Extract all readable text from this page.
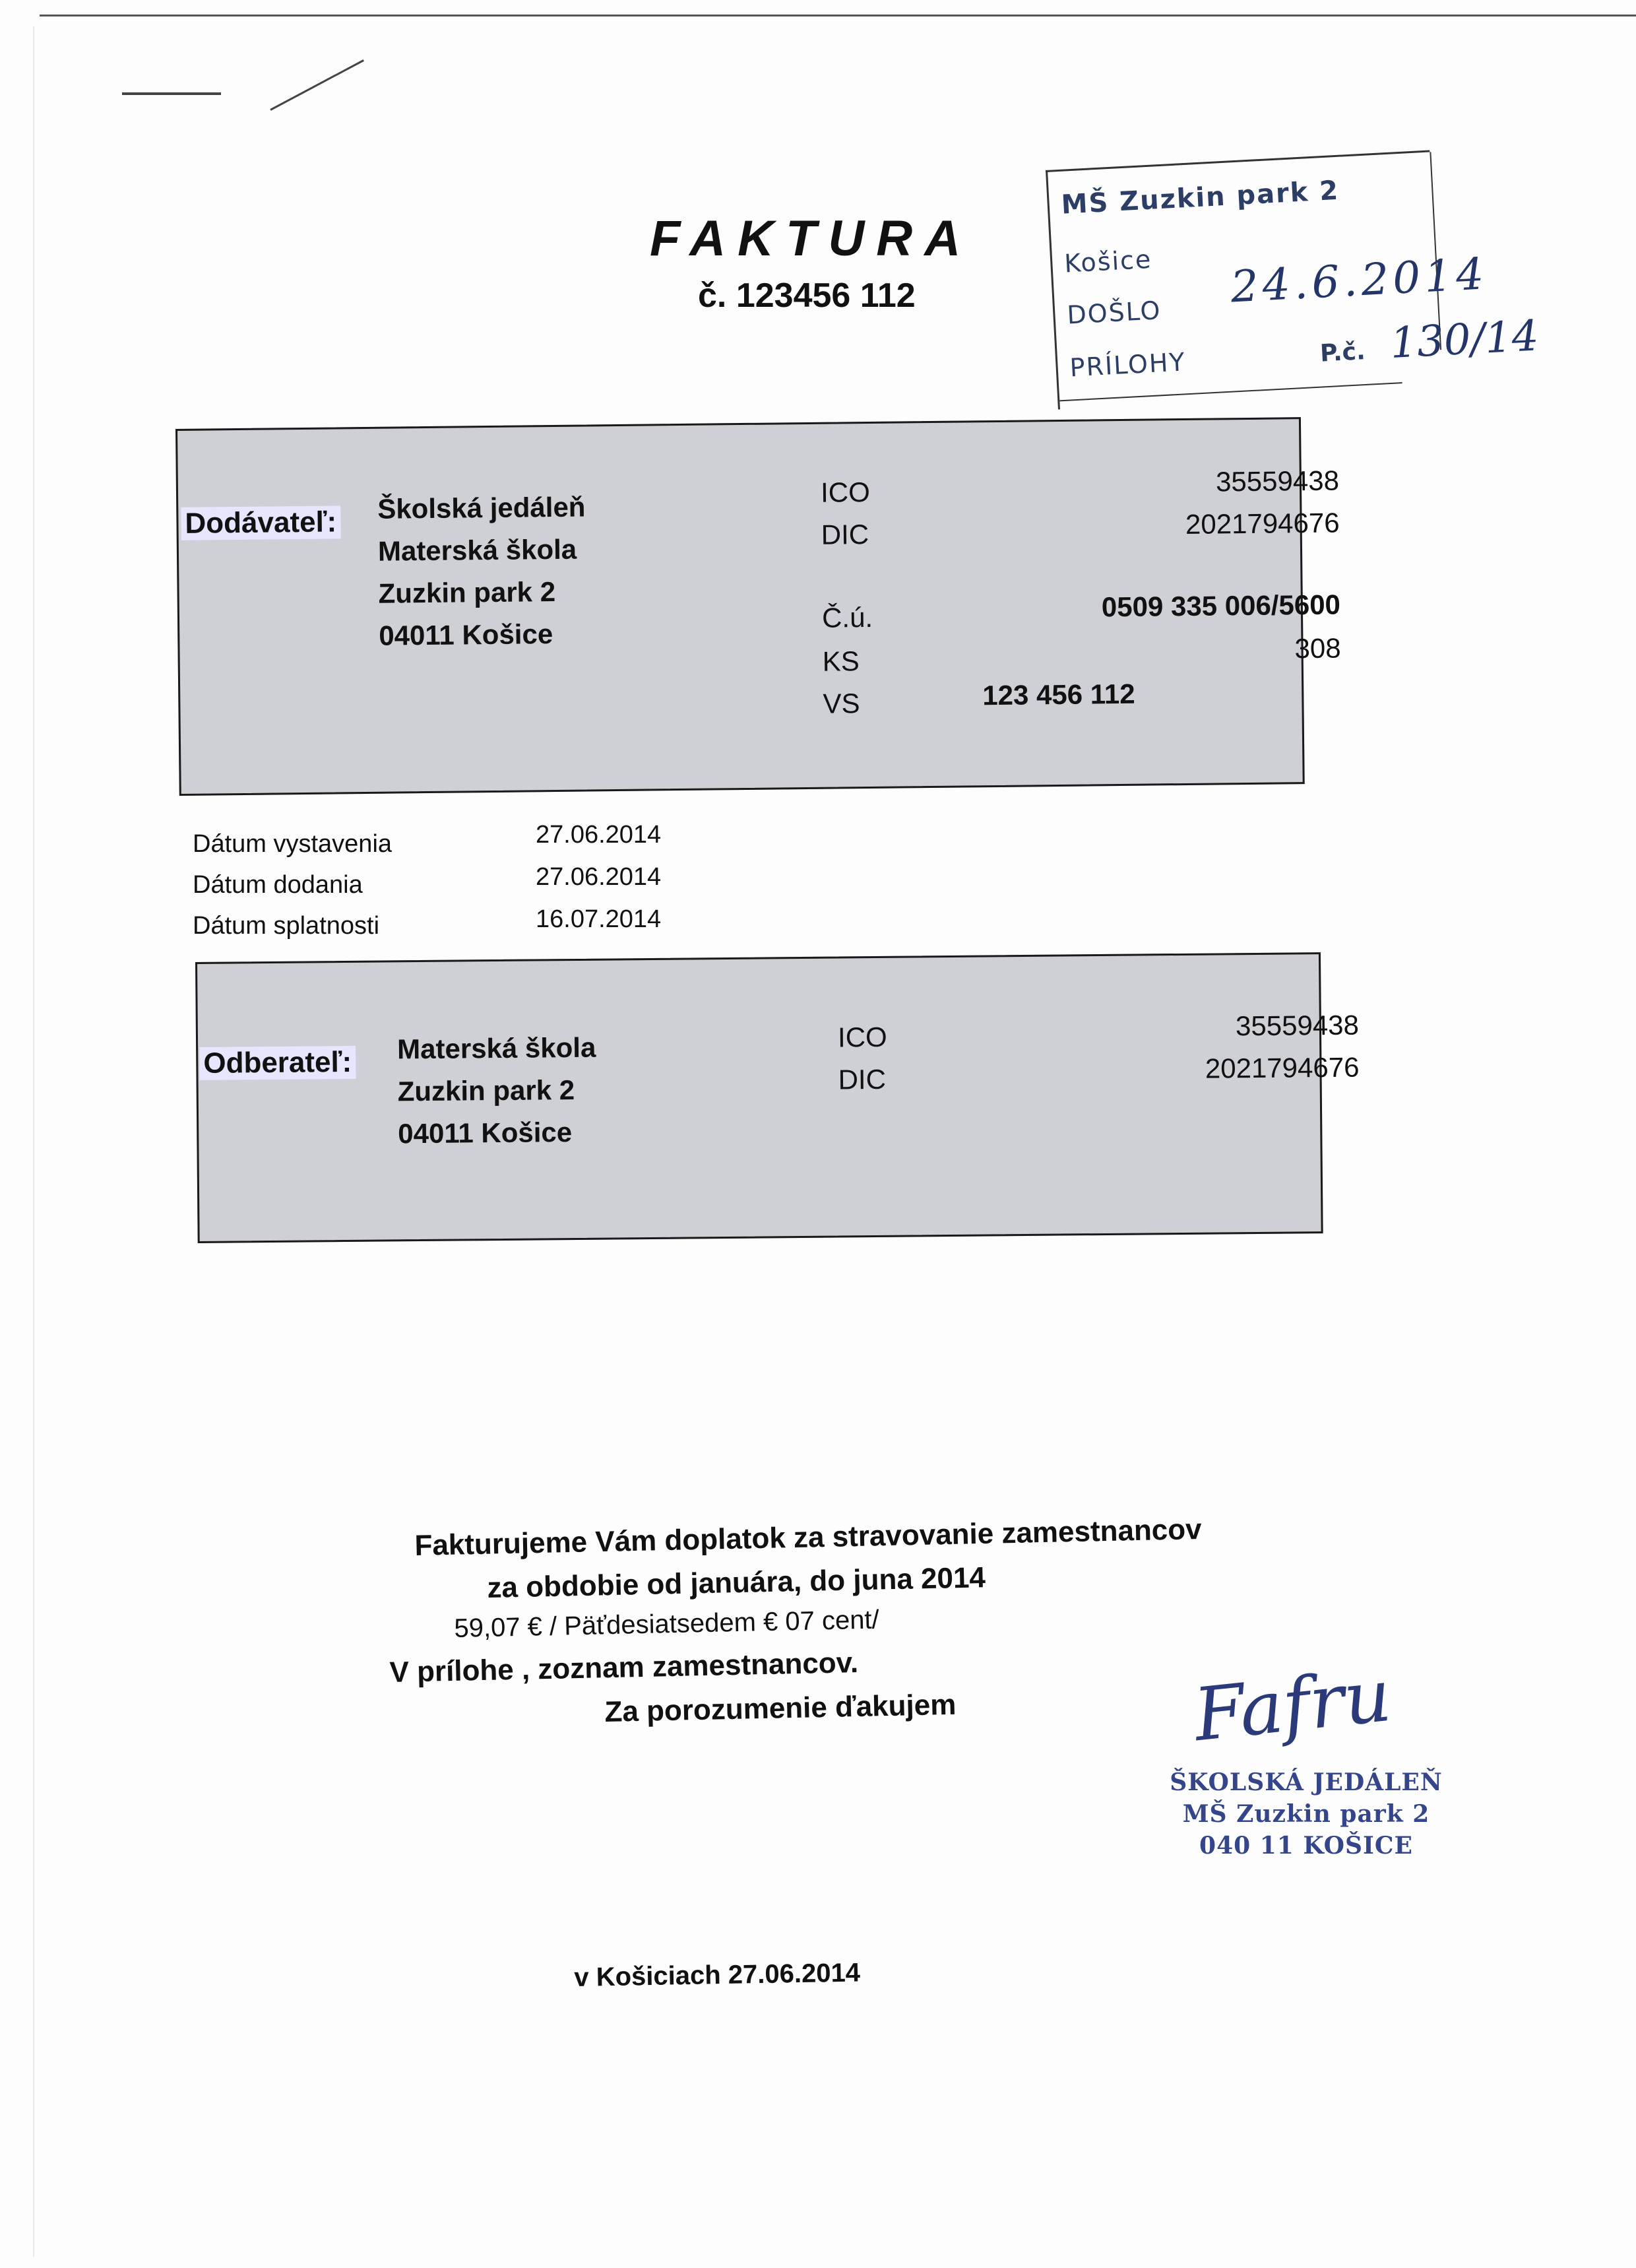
FAKTURA
č. 123456 112
MŠ Zuzkin park 2
Košice
DOŠLO
PRÍLOHY	P.č.
24.6.2014
130/14
Dodávateľ: Školská jedáleň
Materská škola
Zuzkin park 2
04011 Košice
ICO	35559438
DIC	2021794676
Č.ú.	0509 335 006/5600
KS	308
VS	123 456 112
Dátum vystavenia	27.06.2014
Dátum dodania	27.06.2014
Dátum splatnosti	16.07.2014
Odberateľ: Materská škola
Zuzkin park 2
04011 Košice
ICO	35559438
DIC	2021794676
Fakturujeme Vám doplatok za stravovanie zamestnancov
za obdobie od januára, do juna 2014
59,07 € / Päťdesiatsedem € 07 cent/
V prílohe , zoznam zamestnancov.
Za porozumenie ďakujem	Fafru
ŠKOLSKÁ JEDÁLEŇ
MŠ Zuzkin park 2
040 11 KOŠICE
v Košiciach 27.06.2014
